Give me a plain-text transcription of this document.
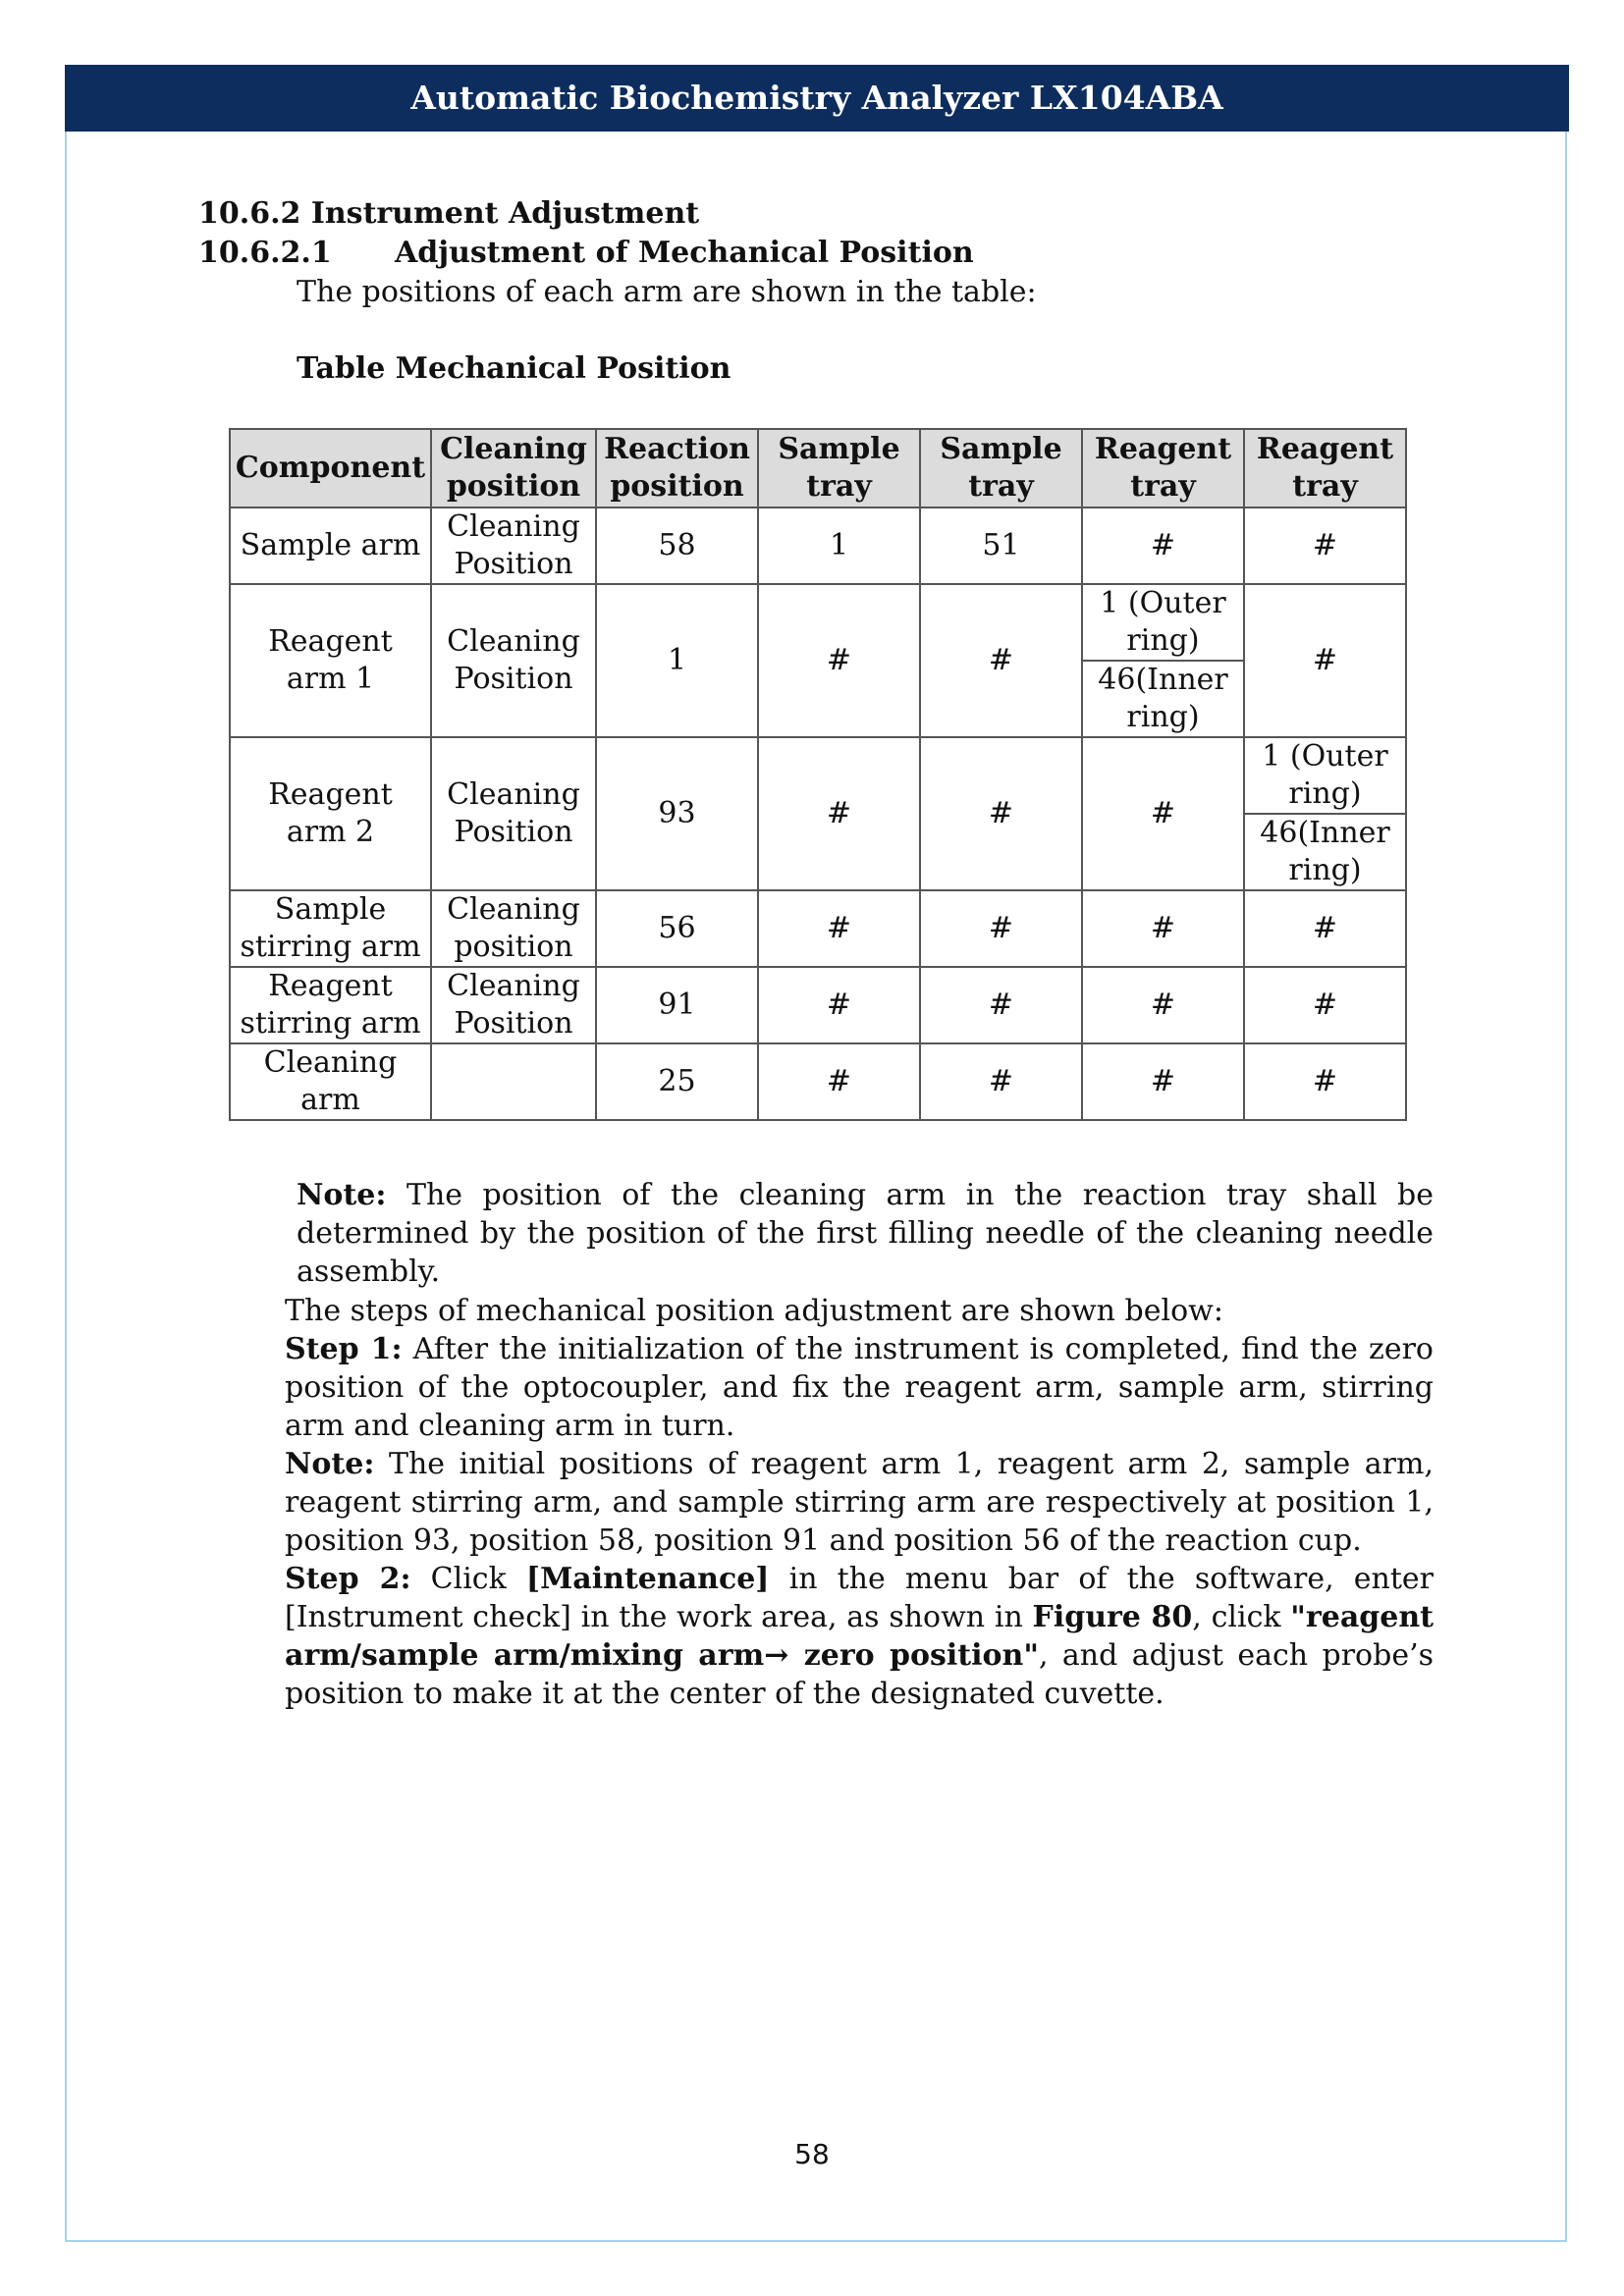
Automatic Biochemistry Analyzer LX104ABA
10.6.2 Instrument Adjustment
10.6.2.1 Adjustment of Mechanical Position
The positions of each arm are shown in the table:
Table Mechanical Position
Component	Cleaning position	Reaction position	Sample tray	Sample tray	Reagent tray	Reagent tray
Sample arm	Cleaning Position	58	1	51	#	#
Reagent arm 1	Cleaning Position	1	#	#	1 (Outer ring)	#
					46(Inner ring)	
Reagent arm 2	Cleaning Position	93	#	#	#	1 (Outer ring)
						46(Inner ring)
Sample stirring arm	Cleaning position	56	#	#	#	#
Reagent stirring arm	Cleaning Position	91	#	#	#	#
Cleaning arm		25	#	#	#	#
Note: The position of the cleaning arm in the reaction tray shall be determined by the position of the first filling needle of the cleaning needle assembly.

The steps of mechanical position adjustment are shown below:

Step 1: After the initialization of the instrument is completed, find the zero position of the optocoupler, and fix the reagent arm, sample arm, stirring arm and cleaning arm in turn.

Note: The initial positions of reagent arm 1, reagent arm 2, sample arm, reagent stirring arm, and sample stirring arm are respectively at position 1, position 93, position 58, position 91 and position 56 of the reaction cup.

Step 2: Click [Maintenance] in the menu bar of the software, enter [Instrument check] in the work area, as shown in Figure 80, click "reagent arm/sample arm/mixing arm→ zero position", and adjust each probe’s position to make it at the center of the designated cuvette.

58
